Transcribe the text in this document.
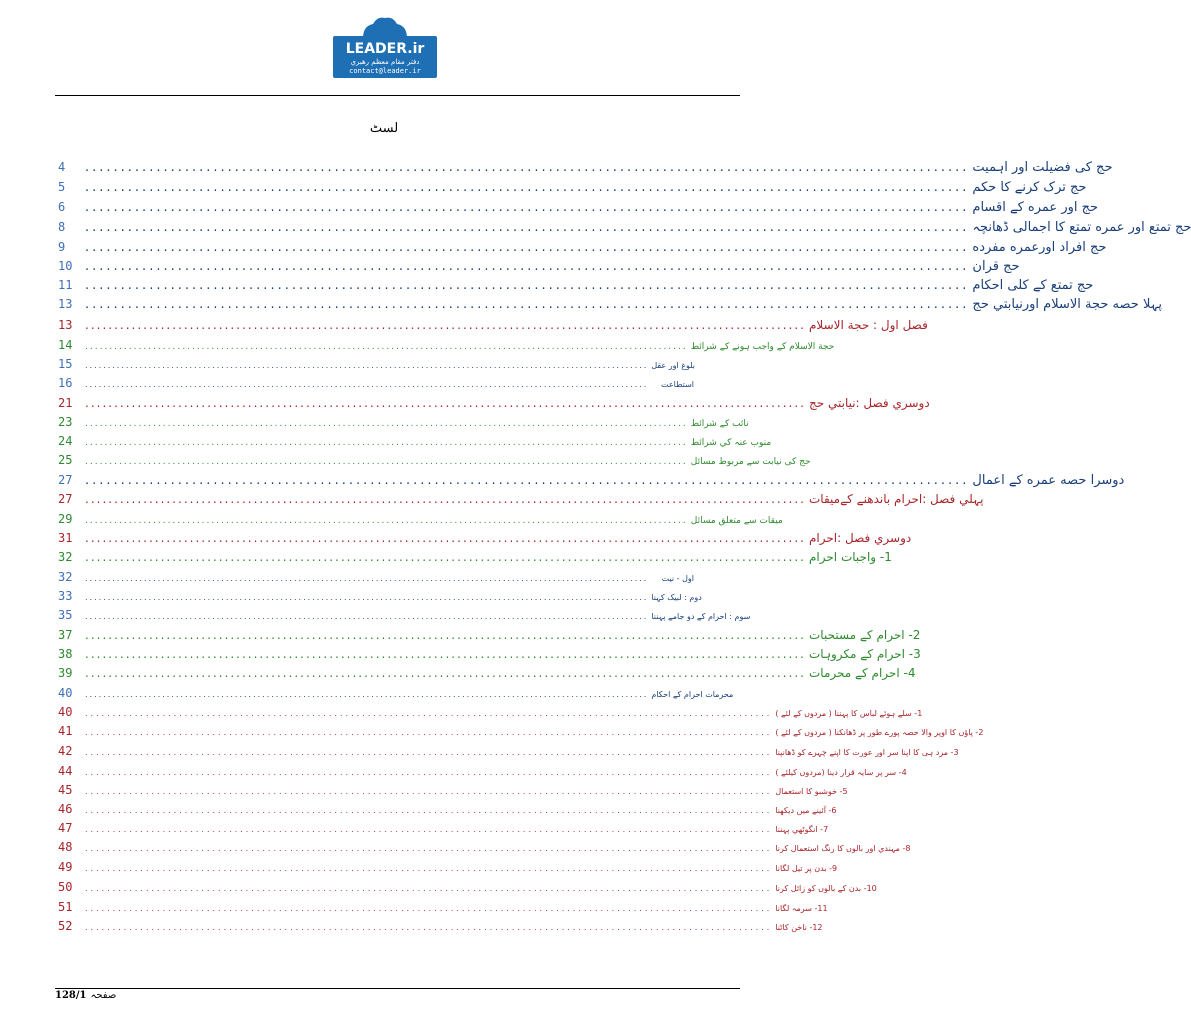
LEADER.ir
دفتر مقام معظم رهبري
contact@leader.ir
لسٹ
4	............................................................................................................................ حج كی فضيلت اور اہميت
5	............................................................................................................................ حج ترک کرنے کا حکم
6	............................................................................................................................ حج اور عمره کے اقسام
8	............................................................................................................................ حج تمتع اور عمره تمتع کا اجمالی ڈھانچہ
9	............................................................................................................................ حج افراد اورعمره مفرده
10 ............................................................................................................................ حج قران
11 ............................................................................................................................ حج تمتع کے کلی احکام
13 ............................................................................................................................ پہلا حصه حجة الاسلام اورنيابتي حج
13	............................................................................................................................ فصل اول : حجة الاسلام
14	............................................................................................................................ حجة الاسلام کے واجب ہونے کے شرائط
15	............................................................................................................................ بلوغ اور عقل
16	............................................................................................................................	استطاعت
21	............................................................................................................................ دوسري فصل :نيابتي حج
23	............................................................................................................................ نائب کے شرائط
24	............................................................................................................................ منوب عنہ کي شرائط
25	............................................................................................................................ حج کی نيابت سے مربوط مسائل
27 ............................................................................................................................ دوسرا حصه عمره کے اعمال
27	............................................................................................................................ پہلي فصل :احرام باندھنے کےميقات
29	............................................................................................................................ ميقات سے متعلق مسائل
31	............................................................................................................................ دوسري فصل :احرام
32	............................................................................................................................ 1- واجبات احرام
32	............................................................................................................................	اول - نيت
33	............................................................................................................................ دوم : لبيک کہنا
35	............................................................................................................................ سوم : احرام کے دو جامے پہننا
37	............................................................................................................................ 2- احرام کے مستحبات
38	............................................................................................................................ 3- احرام کے مکروہات
39	............................................................................................................................ 4- احرام کے محرمات
40	............................................................................................................................ محرمات احرام کے احکام
40	............................................................................................................................ 1- سلے ہوئے لباس کا پہننا ( مردوں کے لئے )
41	............................................................................................................................ 2- پاؤں کا اوپر والا حصہ پورے طور پر ڈھانکنا ( مردوں کے لئے )
42	............................................................................................................................ 3- مرد ہی کا اپنا سر اور عورت کا اپنے چہرے کو ڈھانپنا
44	............................................................................................................................ 4- سر پر سايہ قرار دينا (مردوں کيلئے )
45	............................................................................................................................ 5- خوشبو کا استعمال
46	............................................................................................................................ 6- آئينے ميں ديکھنا
47	............................................................................................................................ 7- انگوٹھي پہننا
48	............................................................................................................................ 8- مہندي اور بالوں کا رنگ استعمال کرنا
49	............................................................................................................................ 9- بدن پر تيل لگانا
50	............................................................................................................................ 10- بدن کے بالوں کو زائل کرنا
51	............................................................................................................................ 11- سرمہ لگانا
52	............................................................................................................................ 12- ناخن کاٹنا
128/1 صفحہ
